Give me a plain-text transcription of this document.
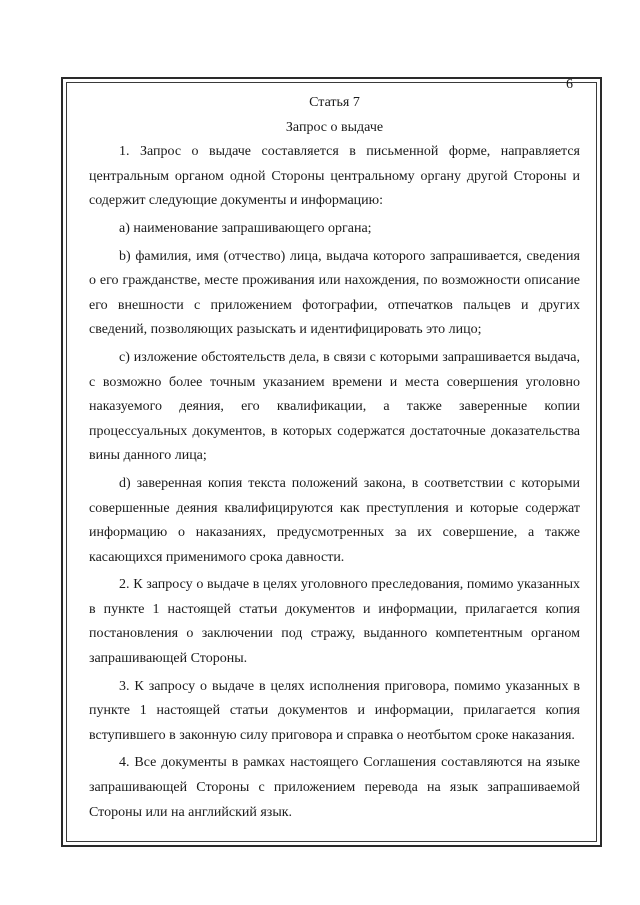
6
Статья 7
Запрос о выдаче

1. Запрос о выдаче составляется в письменной форме, направляется центральным органом одной Стороны центральному органу другой Стороны и содержит следующие документы и информацию:

а) наименование запрашивающего органа;

b) фамилия, имя (отчество) лица, выдача которого запрашивается, сведения о его гражданстве, месте проживания или нахождения, по возможности описание его внешности с приложением фотографии, отпечатков пальцев и других сведений, позволяющих разыскать и идентифицировать это лицо;

с) изложение обстоятельств дела, в связи с которыми запрашивается выдача, с возможно более точным указанием времени и места совершения уголовно наказуемого деяния, его квалификации, а также заверенные копии процессуальных документов, в которых содержатся достаточные доказательства вины данного лица;

d) заверенная копия текста положений закона, в соответствии с которыми совершенные деяния квалифицируются как преступления и которые содержат информацию о наказаниях, предусмотренных за их совершение, а также касающихся применимого срока давности.

2. К запросу о выдаче в целях уголовного преследования, помимо указанных в пункте 1 настоящей статьи документов и информации, прилагается копия постановления о заключении под стражу, выданного компетентным органом запрашивающей Стороны.

3. К запросу о выдаче в целях исполнения приговора, помимо указанных в пункте 1 настоящей статьи документов и информации, прилагается копия вступившего в законную силу приговора и справка о неотбытом сроке наказания.

4. Все документы в рамках настоящего Соглашения составляются на языке запрашивающей Стороны с приложением перевода на язык запрашиваемой Стороны или на английский язык.
